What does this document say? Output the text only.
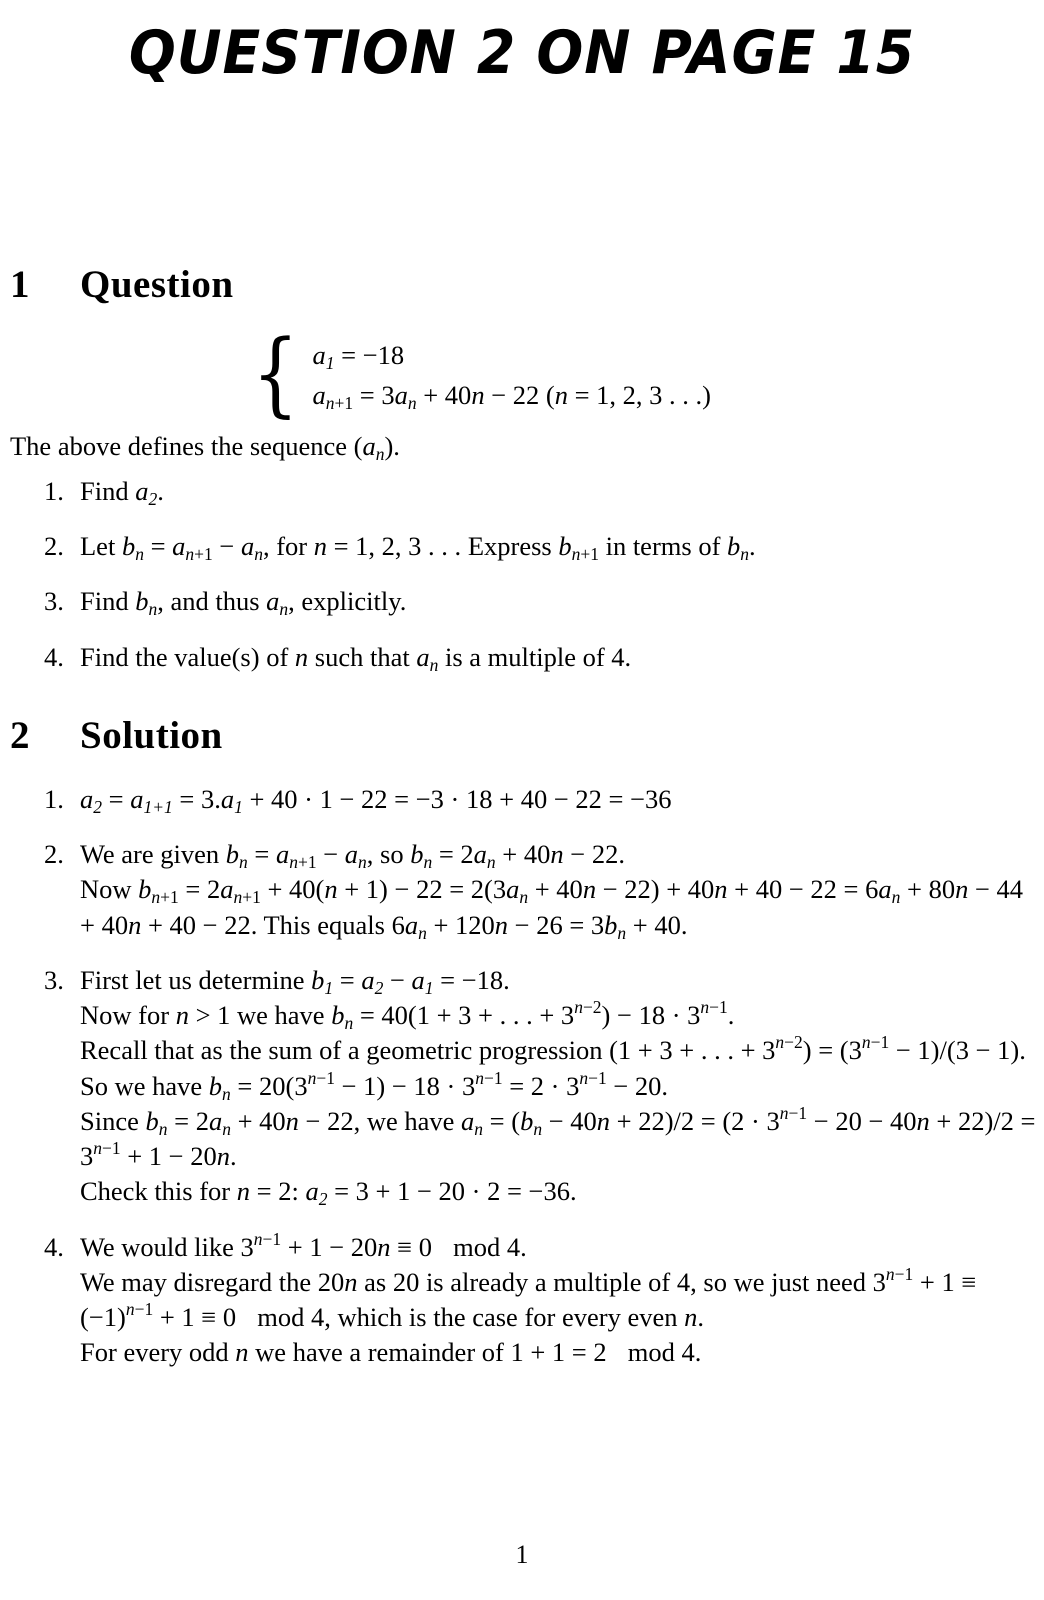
QUESTION 2 ON PAGE 15
1 Question
{ $a_1 = -18$
$a_{n+1} = 3a_n + 40n - 22$ (n = 1, 2, 3 . . .)
The above defines the sequence $(a_n)$.
1. Find $a_2$.
2. Let $b_n = a_{n+1} - a_n$, for n = 1, 2, 3 . . . Express $b_{n+1}$ in terms of $b_n$.
3. Find $b_n$, and thus $a_n$, explicitly.
4. Find the value(s) of n such that $a_n$ is a multiple of 4.
2 Solution
1. $a_2 = a_{1+1} = 3.a_1 + 40 \cdot 1 - 22 = -3 \cdot 18 + 40 - 22 = -36$
2. We are given $b_n = a_{n+1} - a_n$, so $b_n = 2a_n + 40n - 22$.
Now $b_{n+1} = 2a_{n+1} + 40(n + 1) - 22 = 2(3a_n + 40n - 22) + 40n + 40 - 22 = 6a_n + 80n - 44 + 40n + 40 - 22$. This equals $6a_n + 120n - 26 = 3b_n + 40$.
3. First let us determine $b_1 = a_2 - a_1 = -18$.
Now for n > 1 we have $b_n = 40(1 + 3$ + . . . + $3^{n-2}) - 18 \cdot 3^{n-1}$.
Recall that as the sum of a geometric progression (1 + 3 + . . . + $3^{n-2}) = (3^{n-1} - 1)/(3 - 1)$.
So we have $b_n = 20(3^{n-1} - 1) - 18 \cdot 3^{n-1} = 2 \cdot 3^{n-1} - 20$.
Since $b_n = 2a_n + 40n - 22$, we have $a_n = (b_n - 40n + 22)/2 = (2 \cdot 3^{n-1} - 20 - 40n + 22)/2 = 3^{n-1} + 1 - 20n$.
Check this for n = 2: $a_2 = 3 + 1 - 20 \cdot 2 = -36$.
4. We would like $3^{n-1} + 1 - 20n \equiv 0$ mod 4.
We may disregard the 20n as 20 is already a multiple of 4, so we just need $3^{n-1} + 1 \equiv (-1)^{n-1} + 1 \equiv 0$ mod 4, which is the case for every even n.
For every odd n we have a remainder of 1 + 1 = 2 mod 4.
1
